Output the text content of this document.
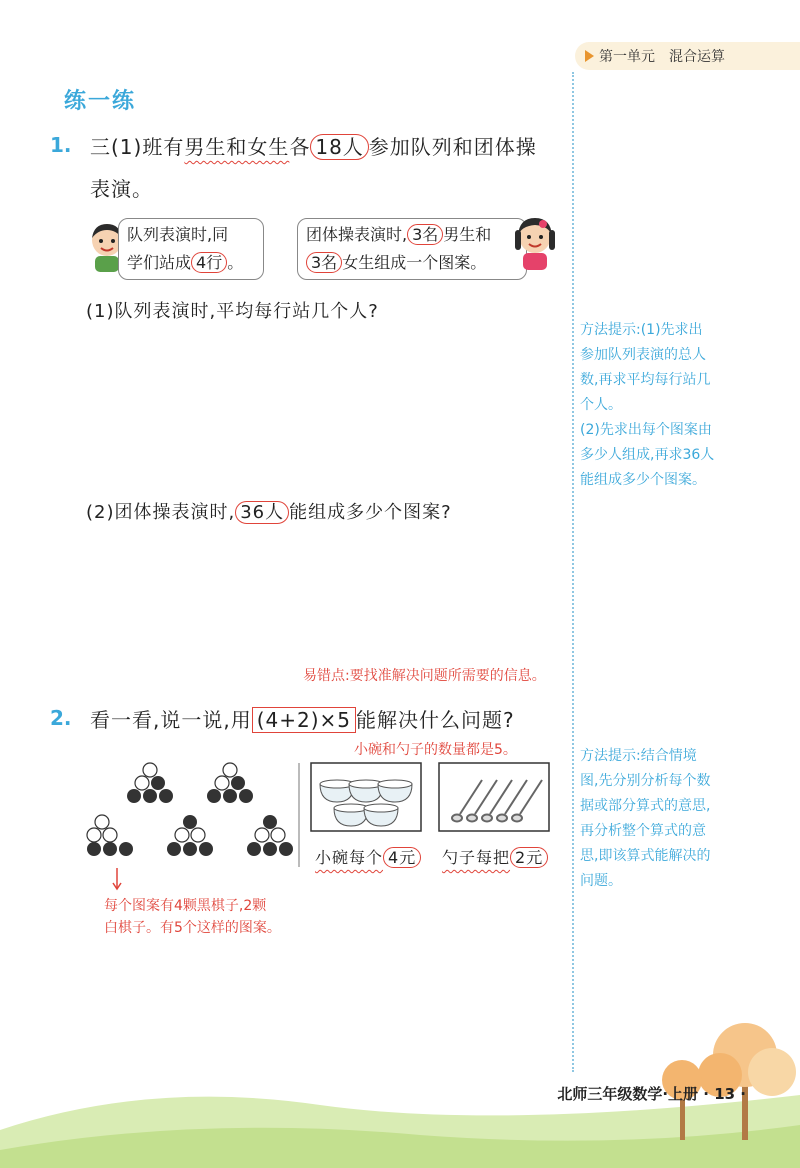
第一单元 混合运算
练一练
1. 三(1)班有男生和女生各 18人 参加队列和团体操
表演。
队列表演时,同
学们站成 4行 。
团体操表演时, 3名 男生和
3名 女生组成一个图案。
(1)队列表演时,平均每行站几个人?
(2)团体操表演时, 36人 能组成多少个图案?
方法提示:(1)先求出
参加队列表演的总人
数,再求平均每行站几
个人。
(2)先求出每个图案由
多少人组成,再求36人
能组成多少个图案。
易错点:要找准解决问题所需要的信息。
2. 看一看,说一说,用 (4+2)×5 能解决什么问题?
小碗和勺子的数量都是5。
小碗每个 4元	勺子每把 2元
每个图案有4颗黑棋子,2颗
白棋子。有5个这样的图案。
方法提示:结合情境
图,先分别分析每个数
据或部分算式的意思,
再分析整个算式的意
思,即该算式能解决的
问题。
北师三年级数学·上册 · 13 ·
